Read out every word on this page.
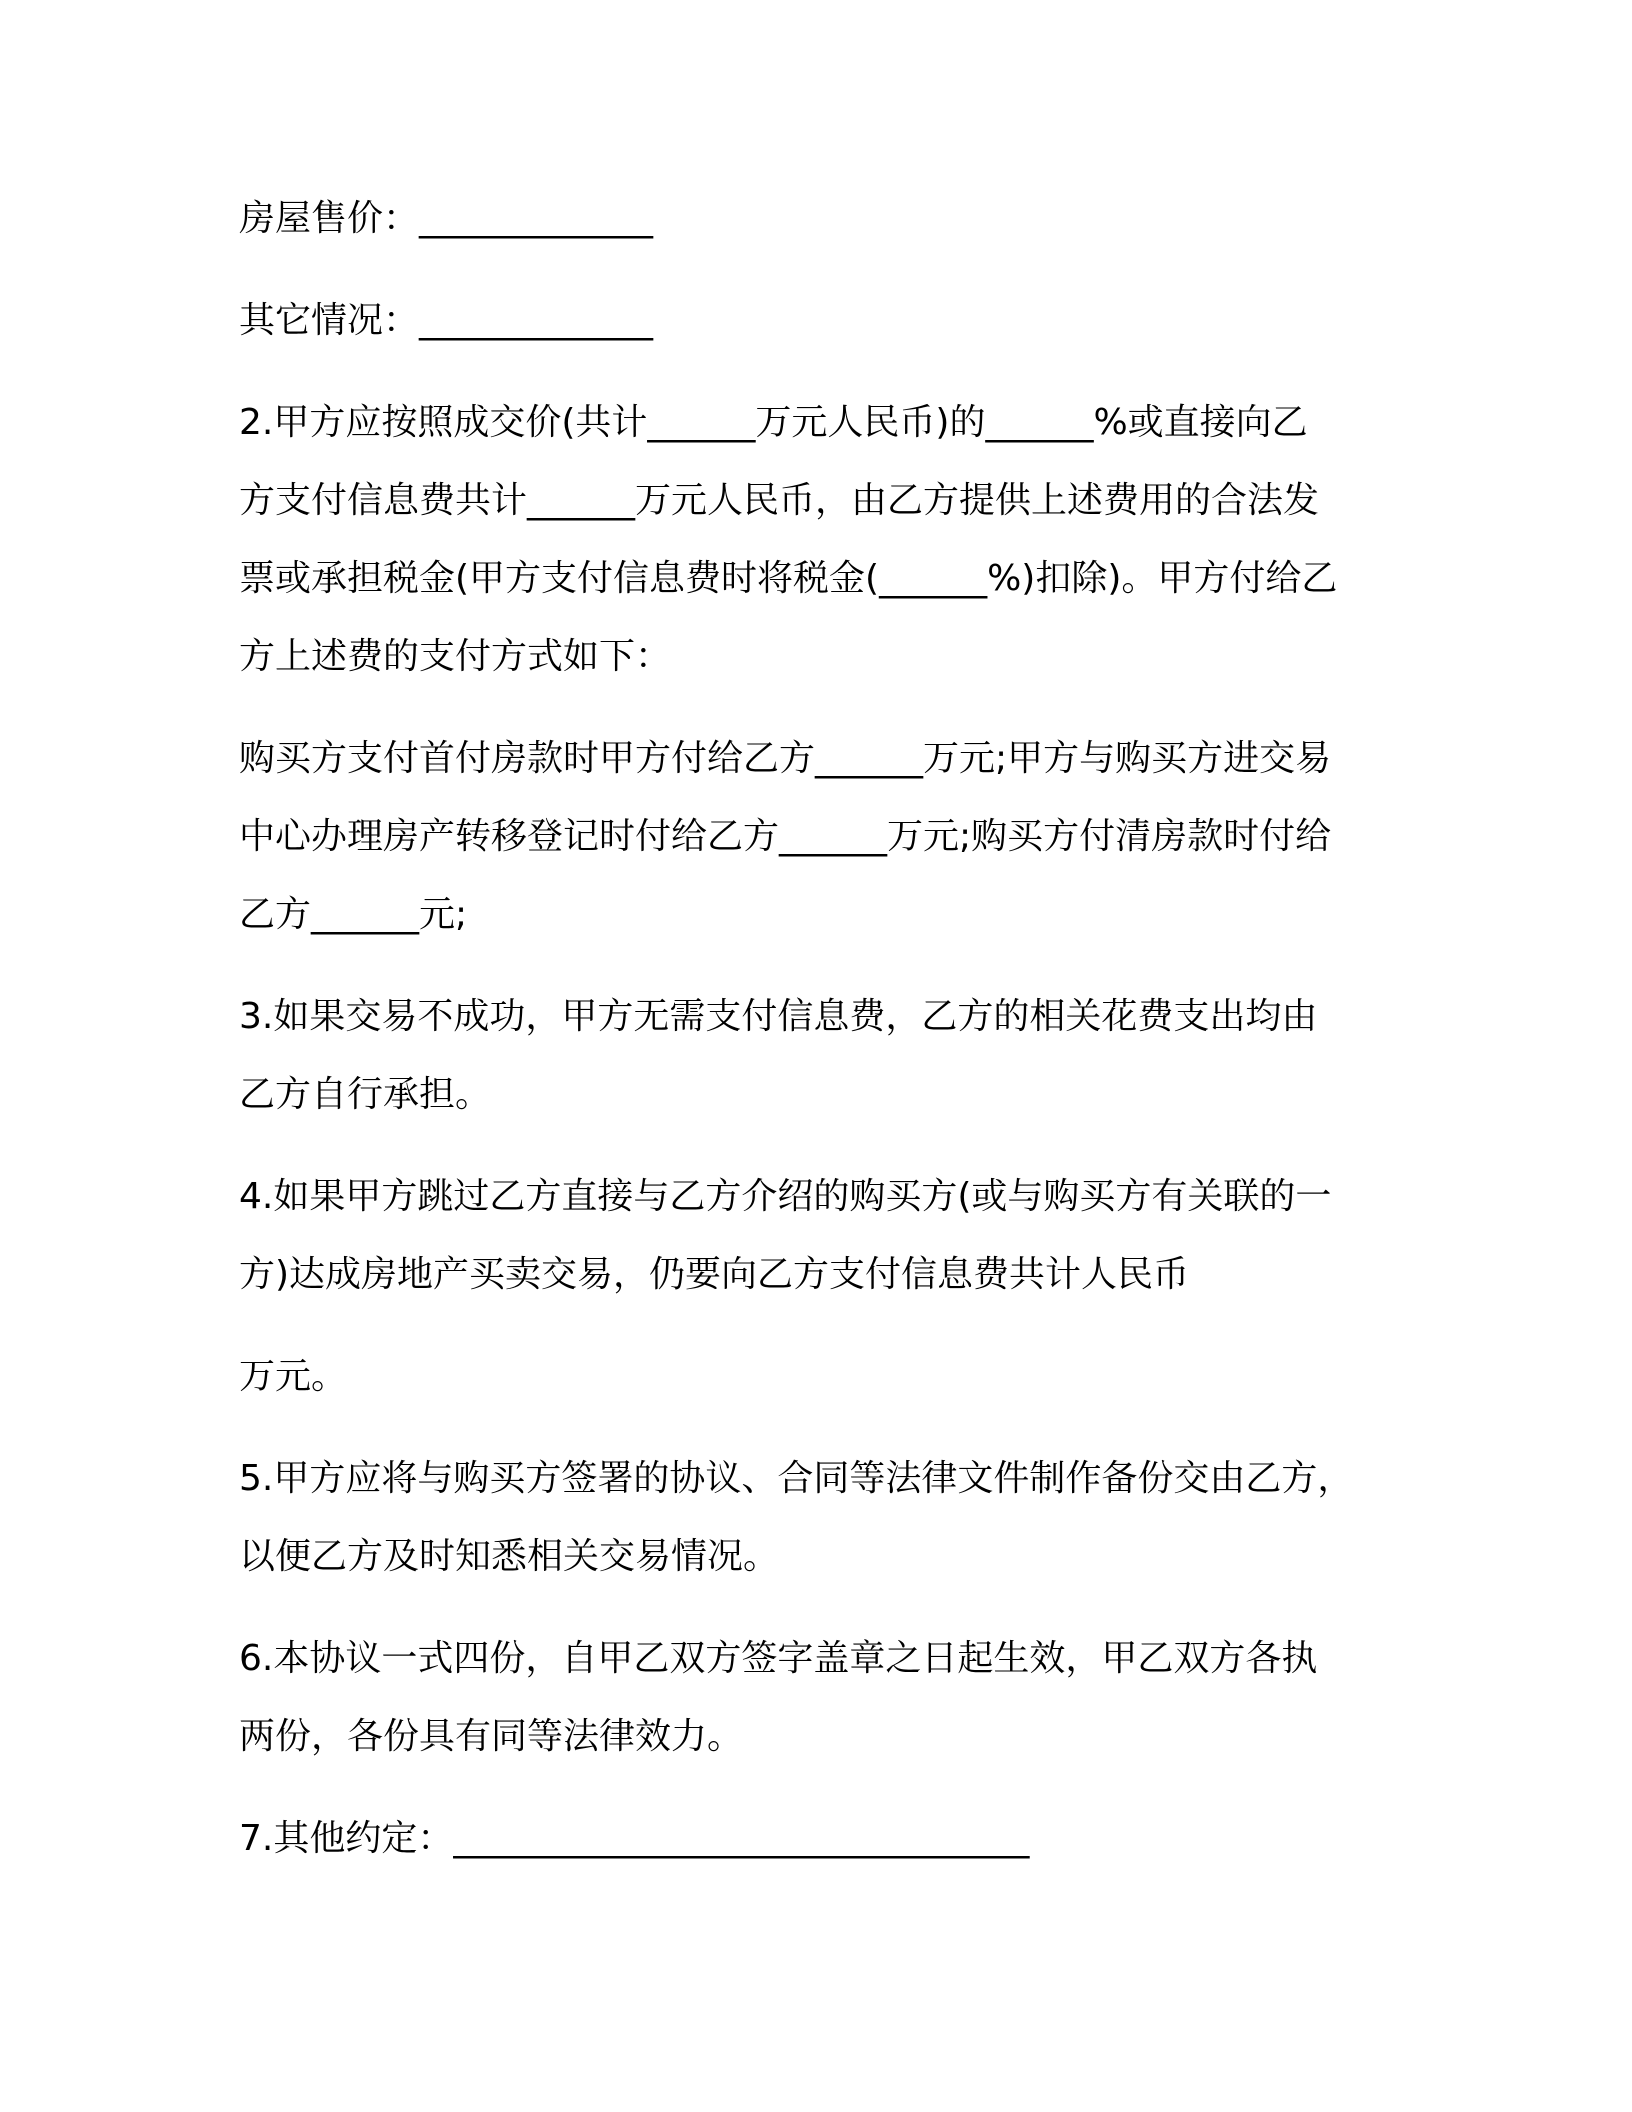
房屋售价：_____________
其它情况：_____________
2.甲方应按照成交价(共计______万元人民币)的______%或直接向乙
方支付信息费共计______万元人民币，由乙方提供上述费用的合法发
票或承担税金(甲方支付信息费时将税金(______%)扣除)。甲方付给乙
方上述费的支付方式如下：
购买方支付首付房款时甲方付给乙方______万元;甲方与购买方进交易
中心办理房产转移登记时付给乙方______万元;购买方付清房款时付给
乙方______元;
3.如果交易不成功，甲方无需支付信息费，乙方的相关花费支出均由
乙方自行承担。
4.如果甲方跳过乙方直接与乙方介绍的购买方(或与购买方有关联的一
方)达成房地产买卖交易，仍要向乙方支付信息费共计人民币
万元。
5.甲方应将与购买方签署的协议、合同等法律文件制作备份交由乙方，
以便乙方及时知悉相关交易情况。
6.本协议一式四份，自甲乙双方签字盖章之日起生效，甲乙双方各执
两份，各份具有同等法律效力。
7.其他约定：________________________________
